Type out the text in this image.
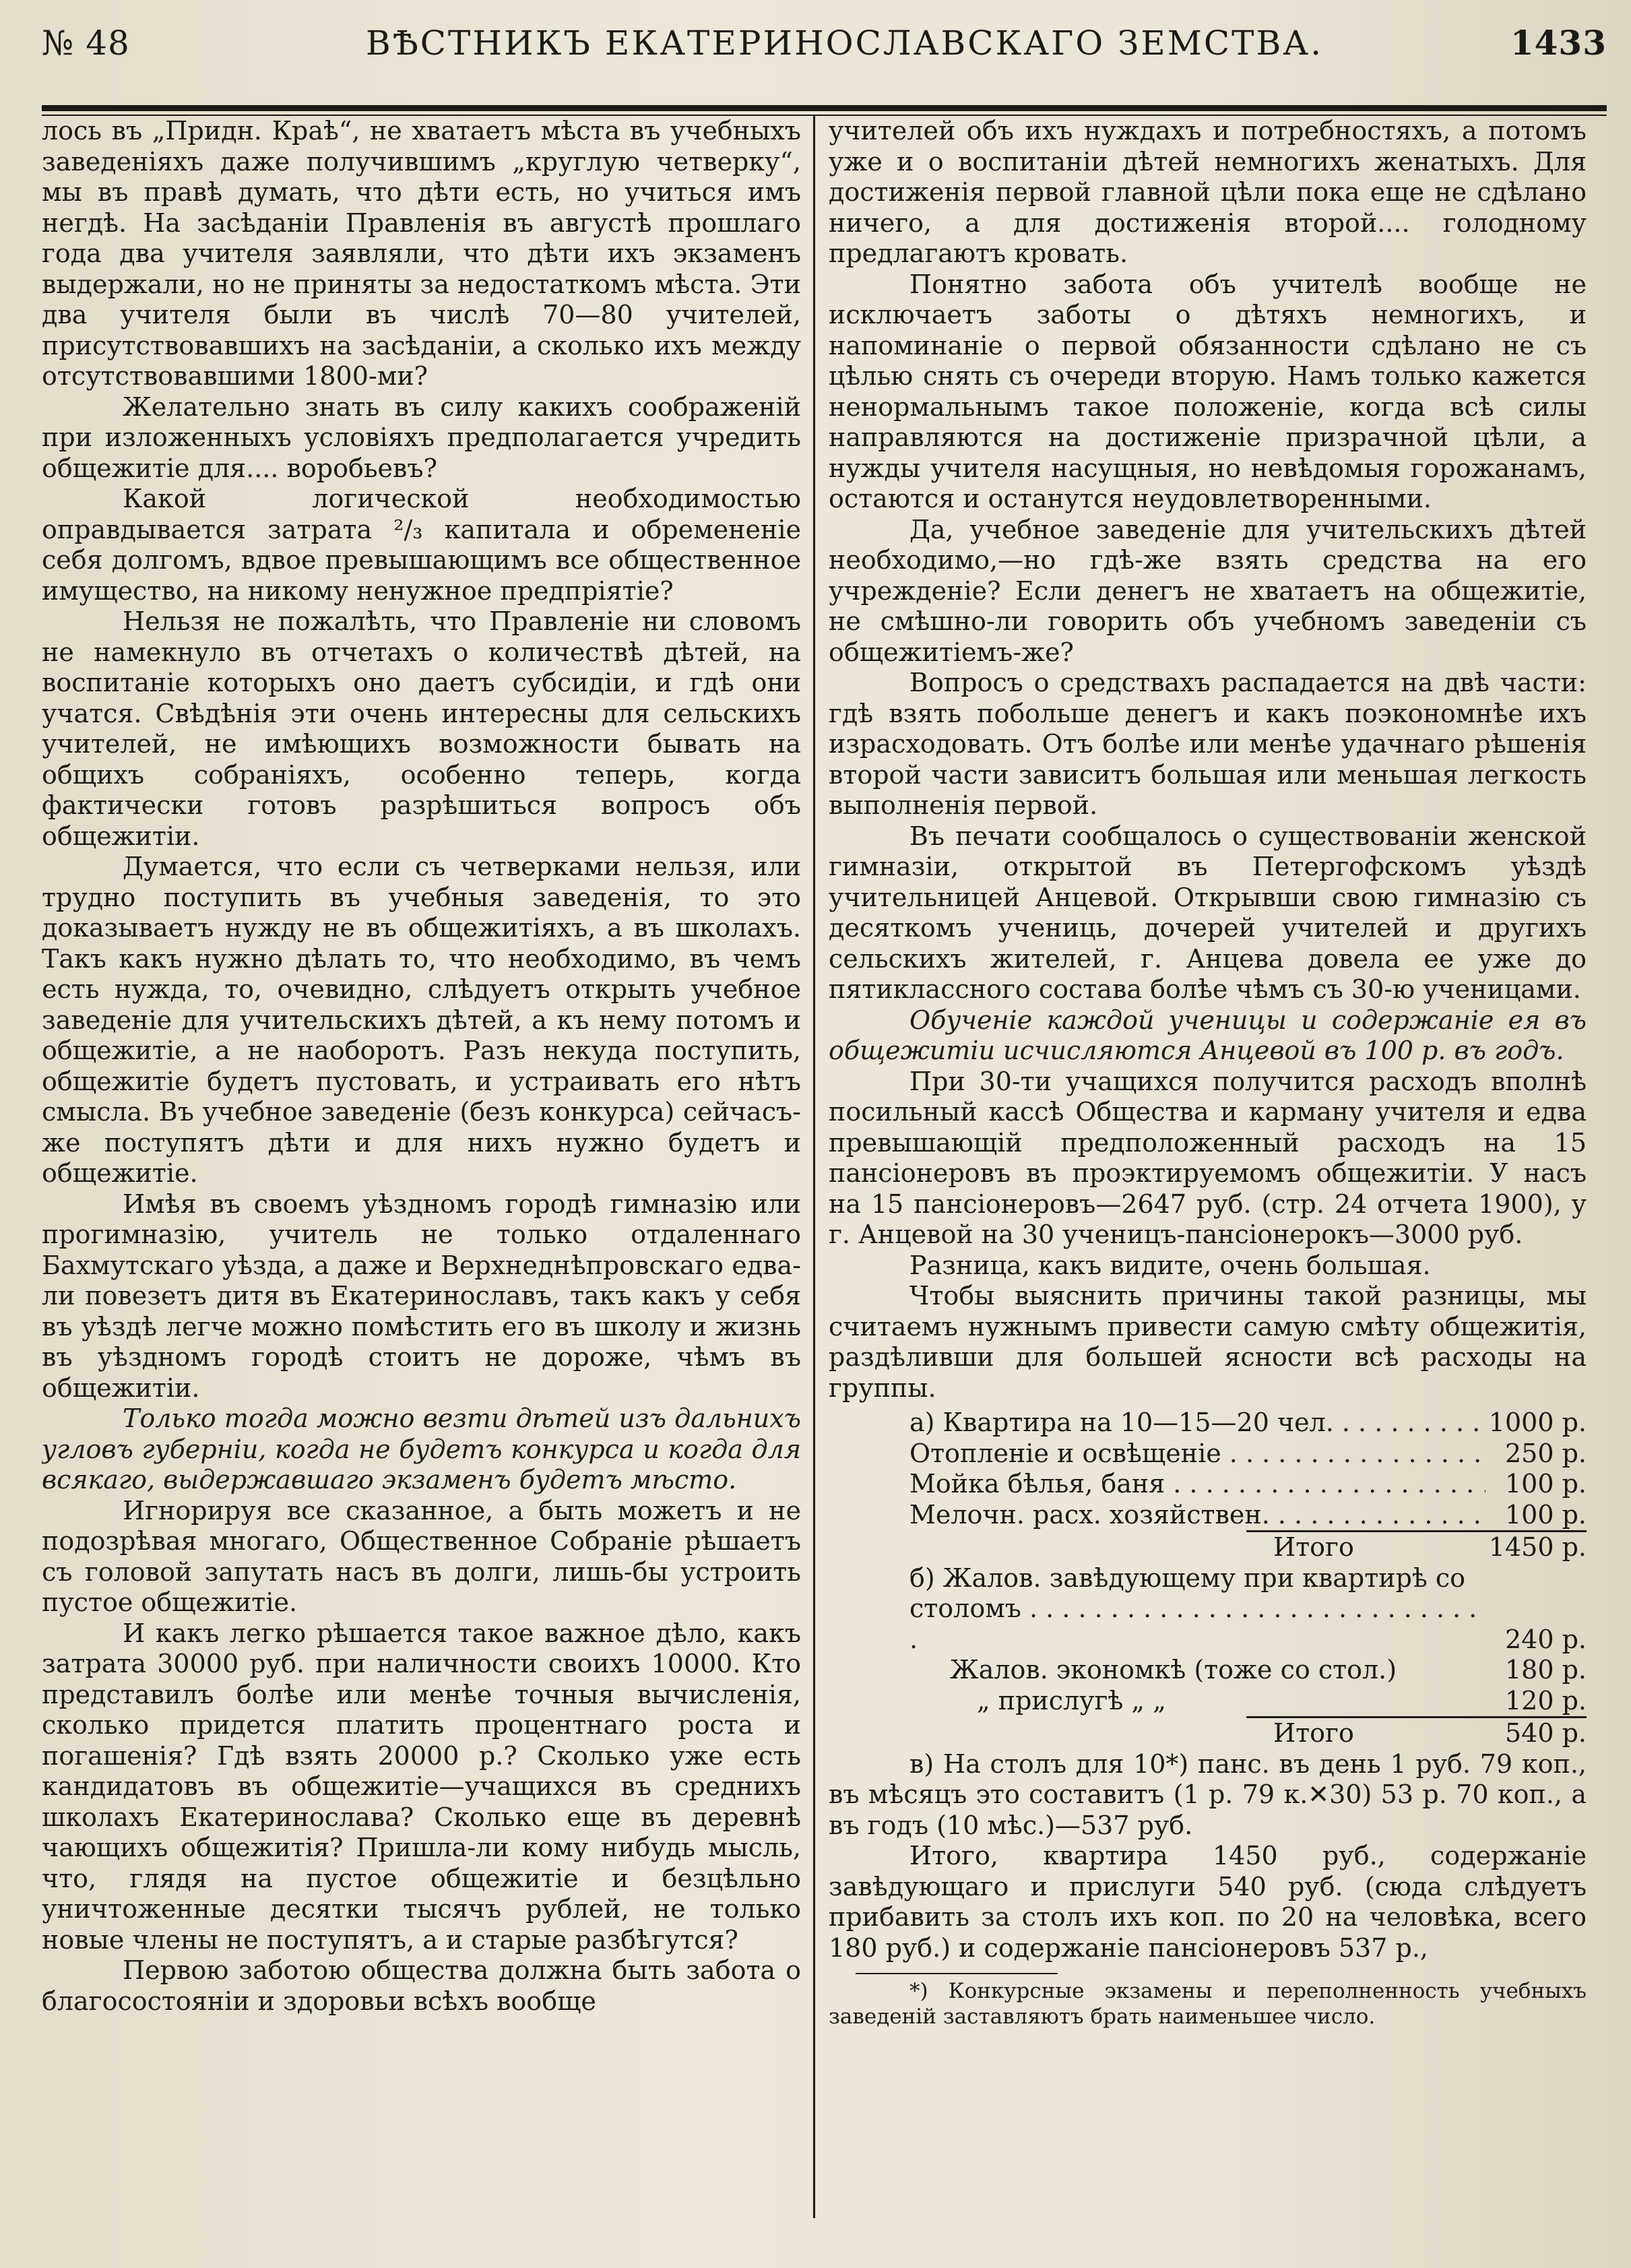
№ 48	ВѢСТНИКЪ ЕКАТЕРИНОСЛАВСКАГО ЗЕМСТВА.	1433

лось въ „Придн. Краѣ“, не хватаетъ мѣста въ учебныхъ заведеніяхъ даже получившимъ „круглую четверку“, мы въ правѣ думать, что дѣти есть, но учиться имъ негдѣ. На засѣданіи Правленія въ августѣ прошлаго года два учителя заявляли, что дѣти ихъ экзаменъ выдержали, но не приняты за недостаткомъ мѣста. Эти два учителя были въ числѣ 70—80 учителей, присутствовавшихъ на засѣданіи, а сколько ихъ между отсутствовавшими 1800-ми?

Желательно знать въ силу какихъ соображеній при изложенныхъ условіяхъ предполагается учредить общежитіе для.... воробьевъ?

Какой логической необходимостью оправдывается затрата ²/₃ капитала и обремененіе себя долгомъ, вдвое превышающимъ все общественное имущество, на никому ненужное предпріятіе?

Нельзя не пожалѣть, что Правленіе ни словомъ не намекнуло въ отчетахъ о количествѣ дѣтей, на воспитаніе которыхъ оно даетъ субсидіи, и гдѣ они учатся. Свѣдѣнія эти очень интересны для сельскихъ учителей, не имѣющихъ возможности бывать на общихъ собраніяхъ, особенно теперь, когда фактически готовъ разрѣшиться вопросъ объ общежитіи.

Думается, что если съ четверками нельзя, или трудно поступить въ учебныя заведенія, то это доказываетъ нужду не въ общежитіяхъ, а въ школахъ. Такъ какъ нужно дѣлать то, что необходимо, въ чемъ есть нужда, то, очевидно, слѣдуетъ открыть учебное заведеніе для учительскихъ дѣтей, а къ нему потомъ и общежитіе, а не наоборотъ. Разъ некуда поступить, общежитіе будетъ пустовать, и устраивать его нѣтъ смысла. Въ учебное заведеніе (безъ конкурса) сейчасъ-же поступятъ дѣти и для нихъ нужно будетъ и общежитіе.

Имѣя въ своемъ уѣздномъ городѣ гимназію или прогимназію, учитель не только отдаленнаго Бахмутскаго уѣзда, а даже и Верхнеднѣпровскаго едва-ли повезетъ дитя въ Екатеринославъ, такъ какъ у себя въ уѣздѣ легче можно помѣстить его въ школу и жизнь въ уѣздномъ городѣ стоитъ не дороже, чѣмъ въ общежитіи.

Только тогда можно везти дѣтей изъ дальнихъ угловъ губерніи, когда не будетъ конкурса и когда для всякаго, выдержавшаго экзаменъ будетъ мѣсто.

Игнорируя все сказанное, а быть можетъ и не подозрѣвая многаго, Общественное Собраніе рѣшаетъ съ головой запутать насъ въ долги, лишь-бы устроить пустое общежитіе.

И какъ легко рѣшается такое важное дѣло, какъ затрата 30000 руб. при наличности своихъ 10000. Кто представилъ болѣе или менѣе точныя вычисленія, сколько придется платить процентнаго роста и погашенія? Гдѣ взять 20000 р.? Сколько уже есть кандидатовъ въ общежитіе—учащихся въ среднихъ школахъ Екатеринослава? Сколько еще въ деревнѣ чающихъ общежитія? Пришла-ли кому нибудь мысль, что, глядя на пустое общежитіе и безцѣльно уничтоженные десятки тысячъ рублей, не только новые члены не поступятъ, а и старые разбѣгутся?

Первою заботою общества должна быть забота о благосостояніи и здоровьи всѣхъ вообще

учителей объ ихъ нуждахъ и потребностяхъ, а потомъ уже и о воспитаніи дѣтей немногихъ женатыхъ. Для достиженія первой главной цѣли пока еще не сдѣлано ничего, а для достиженія второй.... голодному предлагаютъ кровать.

Понятно забота объ учителѣ вообще не исключаетъ заботы о дѣтяхъ немногихъ, и напоминаніе о первой обязанности сдѣлано не съ цѣлью снять съ очереди вторую. Намъ только кажется ненормальнымъ такое положеніе, когда всѣ силы направляются на достиженіе призрачной цѣли, а нужды учителя насущныя, но невѣдомыя горожанамъ, остаются и останутся неудовлетворенными.

Да, учебное заведеніе для учительскихъ дѣтей необходимо,—но гдѣ-же взять средства на его учрежденіе? Если денегъ не хватаетъ на общежитіе, не смѣшно-ли говорить объ учебномъ заведеніи съ общежитіемъ-же?

Вопросъ о средствахъ распадается на двѣ части: гдѣ взять побольше денегъ и какъ поэкономнѣе ихъ израсходовать. Отъ болѣе или менѣе удачнаго рѣшенія второй части зависитъ большая или меньшая легкость выполненія первой.

Въ печати сообщалось о существованіи женской гимназіи, открытой въ Петергофскомъ уѣздѣ учительницей Анцевой. Открывши свою гимназію съ десяткомъ учениць, дочерей учителей и другихъ сельскихъ жителей, г. Анцева довела ее уже до пятиклассного состава болѣе чѣмъ съ 30-ю ученицами.

Обученіе каждой ученицы и содержаніе ея въ общежитіи исчисляются Анцевой въ 100 р. въ годъ.

При 30-ти учащихся получится расходъ вполнѣ посильный кассѣ Общества и карману учителя и едва превышающій предположенный расходъ на 15 пансіонеровъ въ проэктируемомъ общежитіи. У насъ на 15 пансіонеровъ—2647 руб. (стр. 24 отчета 1900), у г. Анцевой на 30 ученицъ-пансіонерокъ—3000 руб.

Разница, какъ видите, очень большая.

Чтобы выяснить причины такой разницы, мы считаемъ нужнымъ привести самую смѣту общежитія, раздѣливши для большей ясности всѣ расходы на группы.

а) Квартира на 10—15—20 чел. . . .	1000 р.
Отопленіе и освѣщеніе . . .	250 р.
Мойка бѣлья, баня . . .	100 р.
Мелочн. расх. хозяйствен. . . .	100 р.
Итого	1450 р.
б) Жалов. завѣдующему при квартирѣ со столомъ . . .
240 р.
Жалов. экономкѣ (тоже со стол.)	180 р.
„ прислугѣ „ „	120 р.
Итого	540 р.

в) На столъ для 10*) панс. въ день 1 руб. 79 коп., въ мѣсяцъ это составитъ (1 р. 79 к.✕30) 53 р. 70 коп., а въ годъ (10 мѣс.)—537 руб.

Итого, квартира 1450 руб., содержаніе завѣдующаго и прислуги 540 руб. (сюда слѣдуетъ прибавить за столъ ихъ коп. по 20 на человѣка, всего 180 руб.) и содержаніе пансіонеровъ 537 р.,

*) Конкурсные экзамены и переполненность учебныхъ заведеній заставляютъ брать наименьшее число.
